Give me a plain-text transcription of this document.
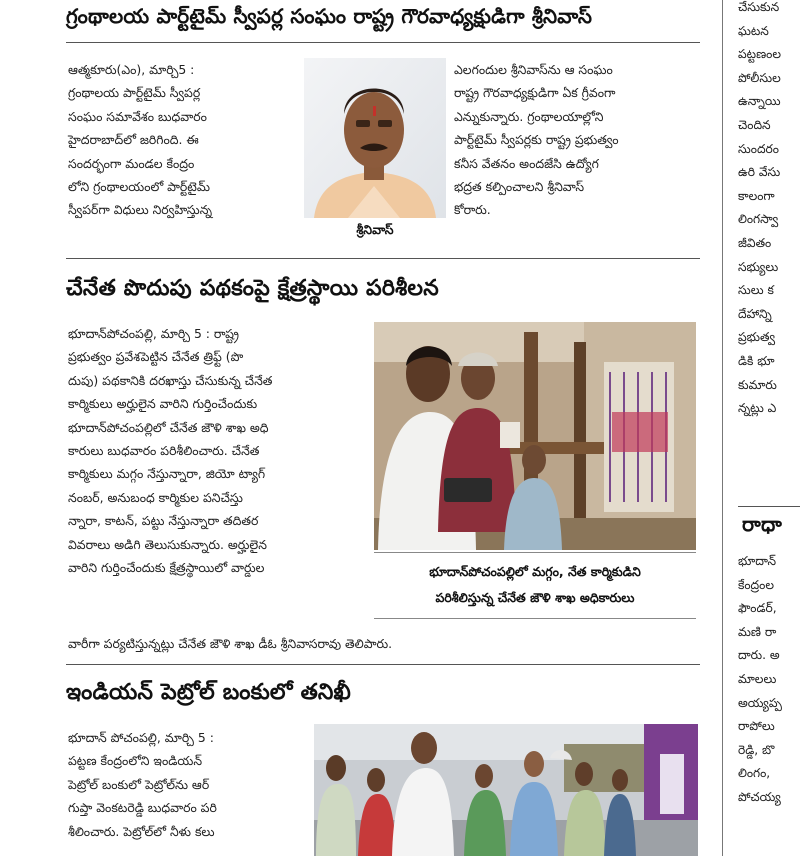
గ్రంథాలయ పార్ట్‌టైమ్ స్వీపర్ల సంఘం రాష్ట్ర గౌరవాధ్యక్షుడిగా శ్రీనివాస్
ఆత్మకూరు(ఎం), మార్చి5 :
గ్రంథాలయ పార్ట్‌టైమ్ స్వీపర్ల
సంఘం సమావేశం బుధవారం
హైదరాబాద్‌లో జరిగింది. ఈ
సందర్భంగా మండల కేంద్రం
లోని గ్రంథాలయంలో పార్ట్‌టైమ్
స్వీపర్‌గా విధులు నిర్వహిస్తున్న
శ్రీనివాస్
ఎలగందుల శ్రీనివాస్‌ను ఆ సంఘం
రాష్ట్ర గౌరవాధ్యక్షుడిగా ఏక గ్రీవంగా
ఎన్నుకున్నారు. గ్రంథాలయాల్లోని
పార్ట్‌టైమ్ స్వీపర్లకు రాష్ట్ర ప్రభుత్వం
కనీస వేతనం అందజేసి ఉద్యోగ
భద్రత కల్పించాలని శ్రీనివాస్
కోరారు.
చేనేత పొదుపు పథకంపై క్షేత్రస్థాయి పరిశీలన
భూదాన్‌పోచంపల్లి, మార్చి 5 : రాష్ట్ర
ప్రభుత్వం ప్రవేశపెట్టిన చేనేత త్రిఫ్ట్ (పొ
దుపు) పథకానికి దరఖాస్తు చేసుకున్న చేనేత
కార్మికులు అర్హులైన వారిని గుర్తించేందుకు
భూదాన్‌పోచంపల్లిలో చేనేత జౌళి శాఖ అధి
కారులు బుధవారం పరిశీలించారు. చేనేత
కార్మికులు మగ్గం నేస్తున్నారా, జియో ట్యాగ్
నంబర్, అనుబంధ కార్మికుల పనిచేస్తు
న్నారా, కాటన్, పట్టు నేస్తున్నారా తదితర
వివరాలు అడిగి తెలుసుకున్నారు. అర్హులైన
వారిని గుర్తించేందుకు క్షేత్రస్థాయిలో వార్డుల	భూదాన్‌పోచంపల్లిలో మగ్గం, నేత కార్మికుడిని
పరిశీలిస్తున్న చేనేత జౌళి శాఖ అధికారులు
వారీగా పర్యటిస్తున్నట్లు చేనేత జౌళి శాఖ డీఓ శ్రీనివాసరావు తెలిపారు.
ఇండియన్ పెట్రోల్ బంకులో తనిఖీ
భూదాన్ పోచంపల్లి, మార్చి 5 :
పట్టణ కేంద్రంలోని ఇండియన్
పెట్రోల్ బంకులో పెట్రోల్‌ను ఆర్
గుప్తా వెంకటరెడ్డి బుధవారం పరి
శీలించారు. పెట్రోల్‌లో నీళు కలు
చేసుకున
ఘటన
పట్టణంల
పోలీసుల
ఉన్నాయి
చెందిన
సుందరం
ఉరి వేసు
కాలంగా
లింగస్వా
జీవితం
సభ్యులు
సులు క
దేహాన్ని
ప్రభుత్వ
డికి భూ
కుమారు
న్నట్లు ఎ
రాధా
భూదాన్
కేంద్రంల
ఫౌండర్,
మణి రా
దారు. అ
మాలలు
అయ్యప్ప
రాపోలు
రెడ్డి, బొ
లింగం,
పోచయ్య
